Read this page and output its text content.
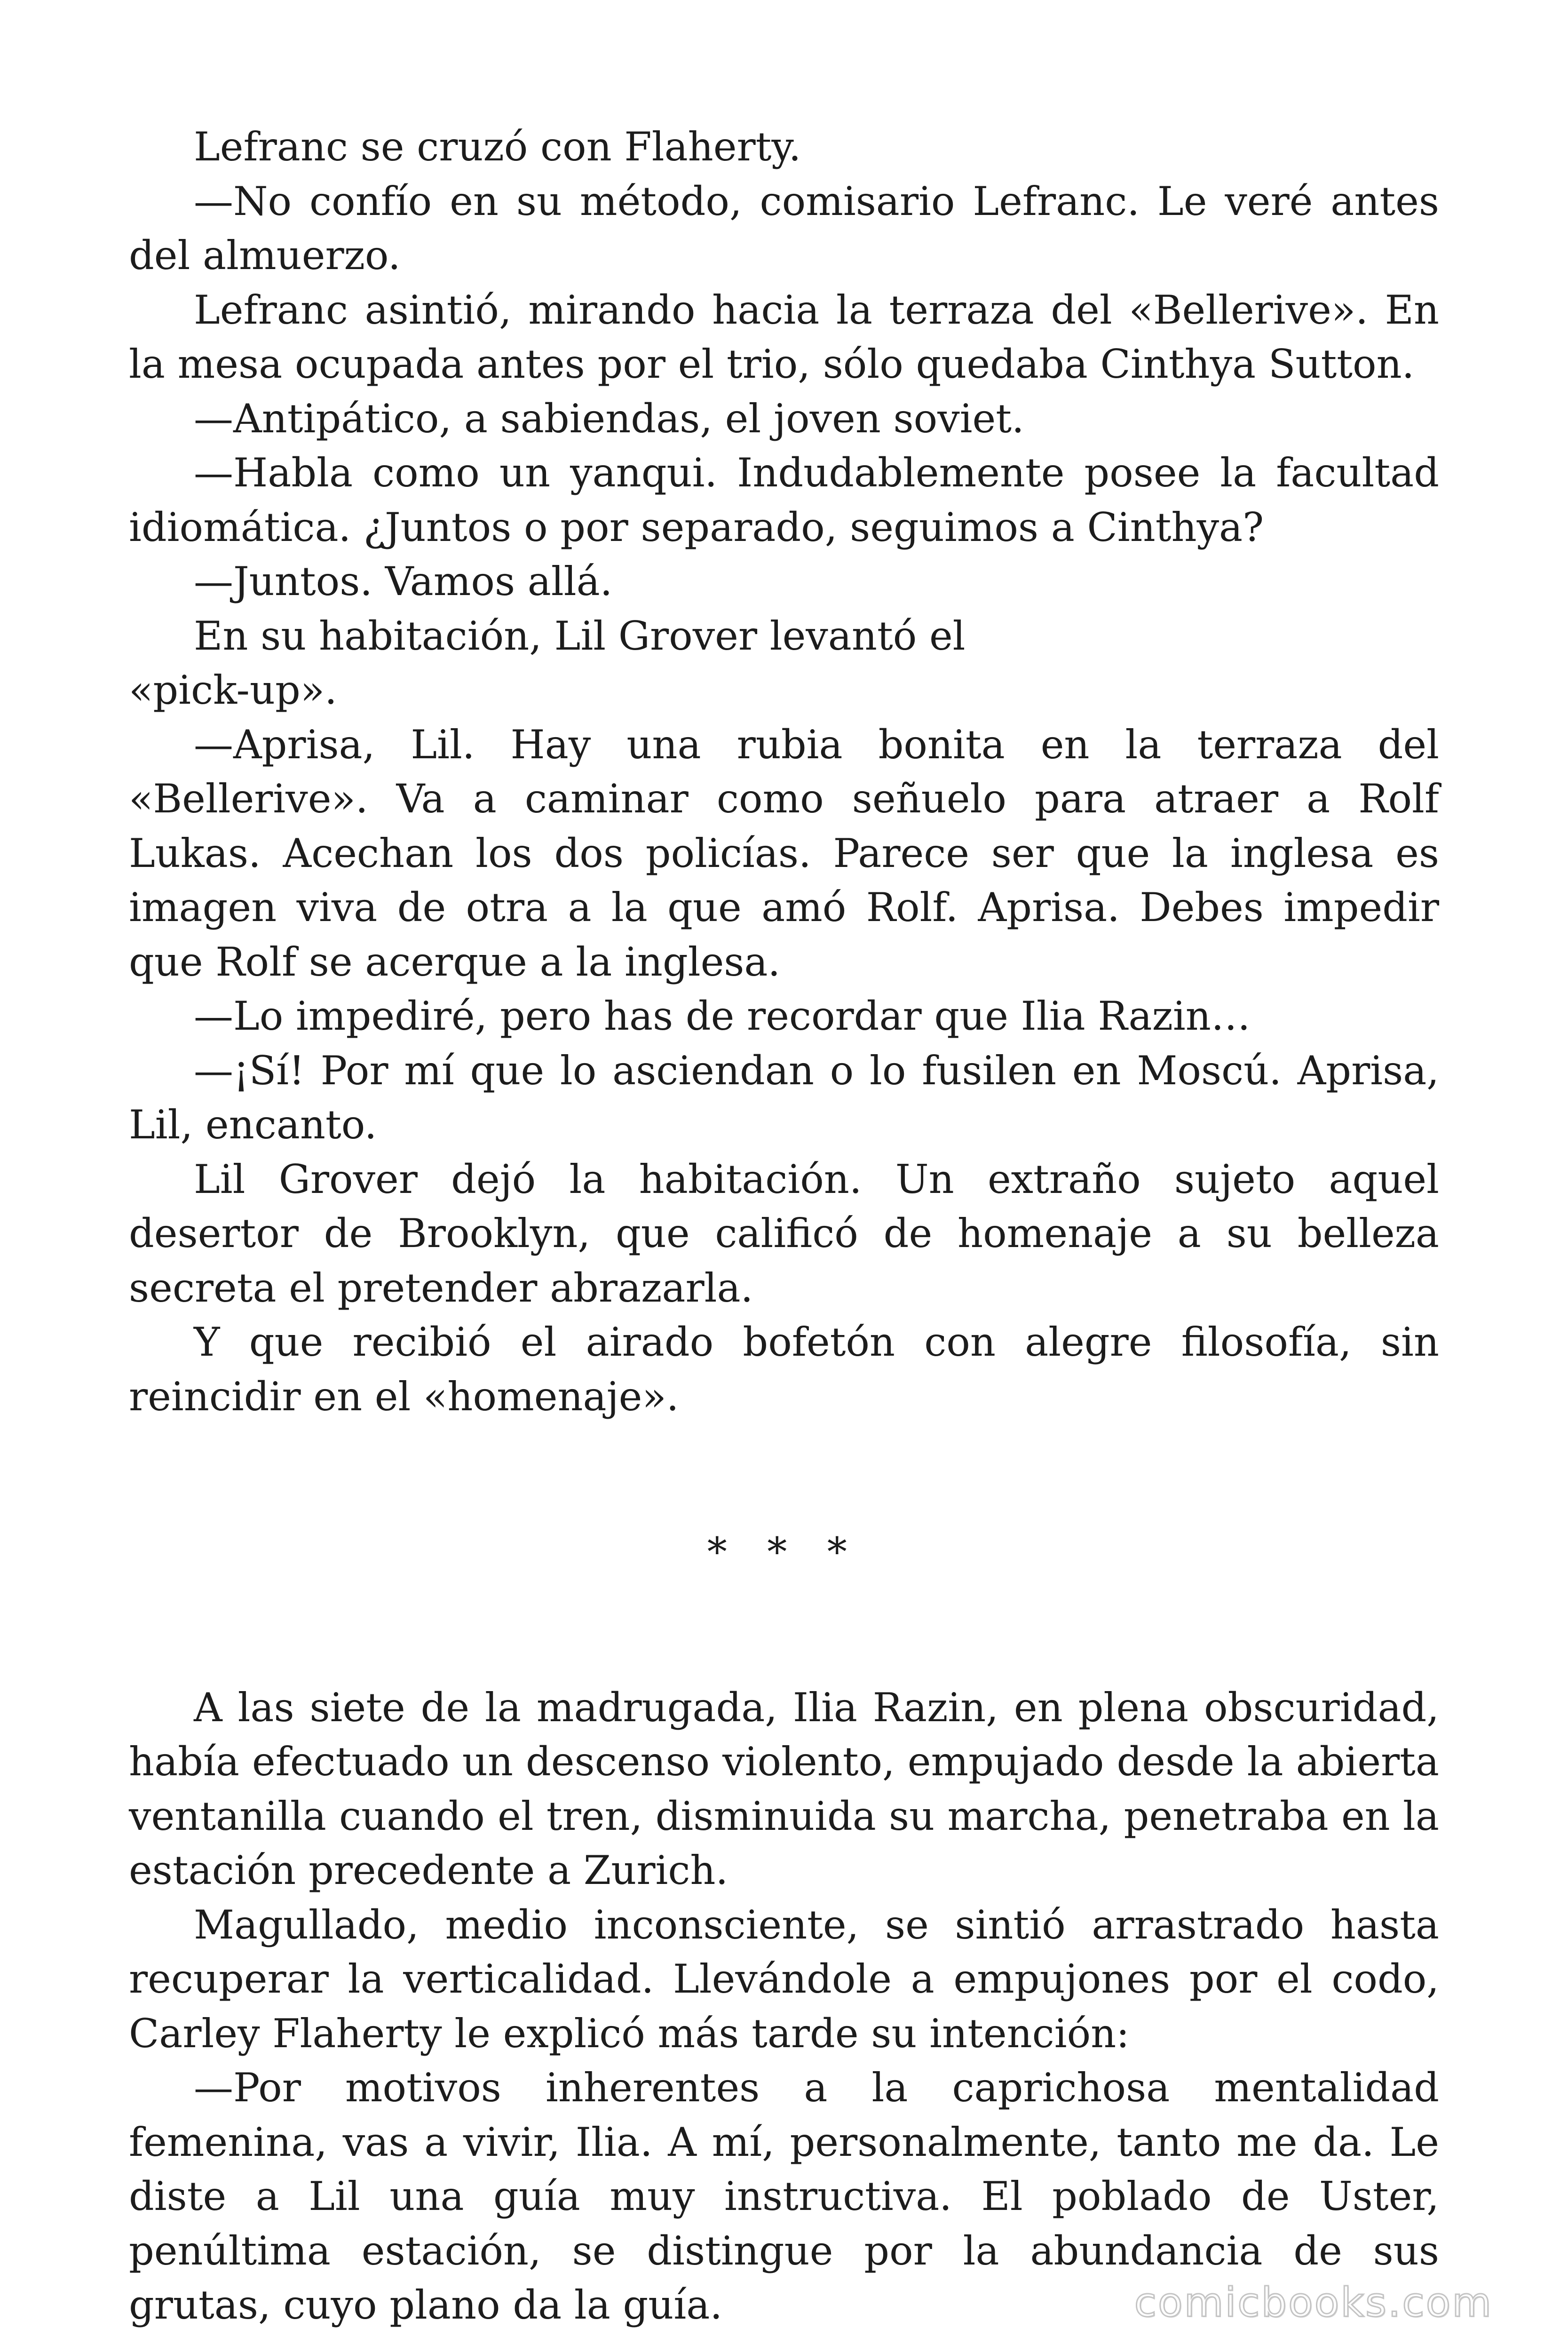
Lefranc se cruzó con Flaherty.

—No confío en su método, comisario Lefranc. Le veré antes del almuerzo.

Lefranc asintió, mirando hacia la terraza del «Bellerive». En la mesa ocupada antes por el trio, sólo quedaba Cinthya Sutton.

—Antipático, a sabiendas, el joven soviet.

—Habla como un yanqui. Indudablemente posee la facultad idiomática. ¿Juntos o por separado, seguimos a Cinthya?

—Juntos. Vamos allá.

En su habitación, Lil Grover levantó el

«pick-up».

—Aprisa, Lil. Hay una rubia bonita en la terraza del «Bellerive». Va a caminar como señuelo para atraer a Rolf Lukas. Acechan los dos policías. Parece ser que la inglesa es imagen viva de otra a la que amó Rolf. Aprisa. Debes impedir que Rolf se acerque a la inglesa.

—Lo impediré, pero has de recordar que Ilia Razin…

—¡Sí! Por mí que lo asciendan o lo fusilen en Moscú. Aprisa, Lil, encanto.

Lil Grover dejó la habitación. Un extraño sujeto aquel desertor de Brooklyn, que calificó de homenaje a su belleza secreta el pretender abrazarla.

Y que recibió el airado bofetón con alegre filosofía, sin reincidir en el «homenaje».

* * *

A las siete de la madrugada, Ilia Razin, en plena obscuridad, había efectuado un descenso violento, empujado desde la abierta ventanilla cuando el tren, disminuida su marcha, penetraba en la estación precedente a Zurich.

Magullado, medio inconsciente, se sintió arrastrado hasta recuperar la verticalidad. Llevándole a empujones por el codo, Carley Flaherty le explicó más tarde su intención:

—Por motivos inherentes a la caprichosa mentalidad femenina, vas a vivir, Ilia. A mí, personalmente, tanto me da. Le diste a Lil una guía muy instructiva. El poblado de Uster, penúltima estación, se distingue por la abundancia de sus grutas, cuyo plano da la guía.	comicbooks.com
